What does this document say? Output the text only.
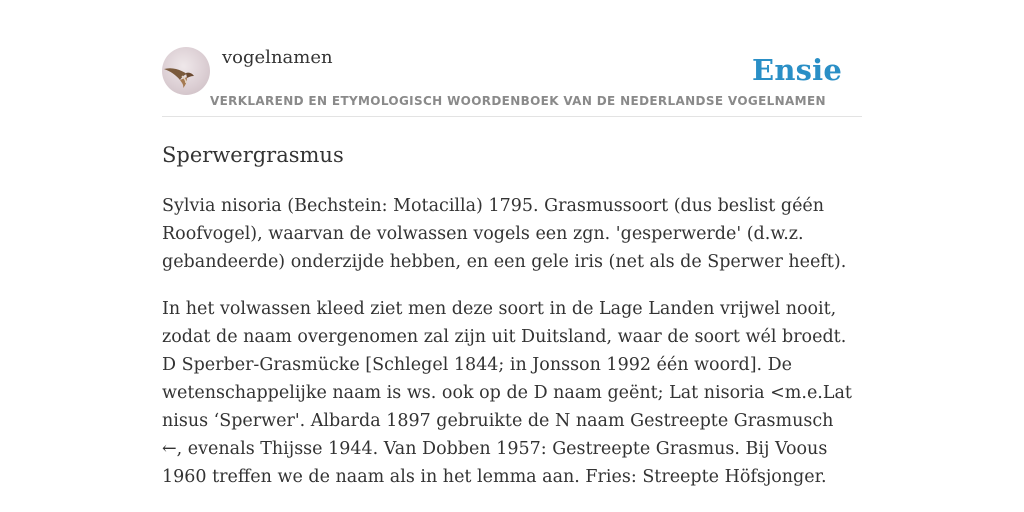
vogelnamen	Ensie
VERKLAREND EN ETYMOLOGISCH WOORDENBOEK VAN DE NEDERLANDSE VOGELNAMEN
Sperwergrasmus

Sylvia nisoria (Bechstein: Motacilla) 1795. Grasmussoort (dus beslist géén Roofvogel), waarvan de volwassen vogels een zgn. 'gesperwerde' (d.w.z. gebandeerde) onderzijde hebben, en een gele iris (net als de Sperwer heeft).

In het volwassen kleed ziet men deze soort in de Lage Landen vrijwel nooit, zodat de naam overgenomen zal zijn uit Duitsland, waar de soort wél broedt. D Sperber-Grasmücke [Schlegel 1844; in Jonsson 1992 één woord]. De wetenschappelijke naam is ws. ook op de D naam geënt; Lat nisoria <m.e.Lat nisus ‘Sperwer'. Albarda 1897 gebruikte de N naam Gestreepte Grasmusch ←, evenals Thijsse 1944. Van Dobben 1957: Gestreepte Grasmus. Bij Voous 1960 treffen we de naam als in het lemma aan. Fries: Streepte Höfsjonger.
